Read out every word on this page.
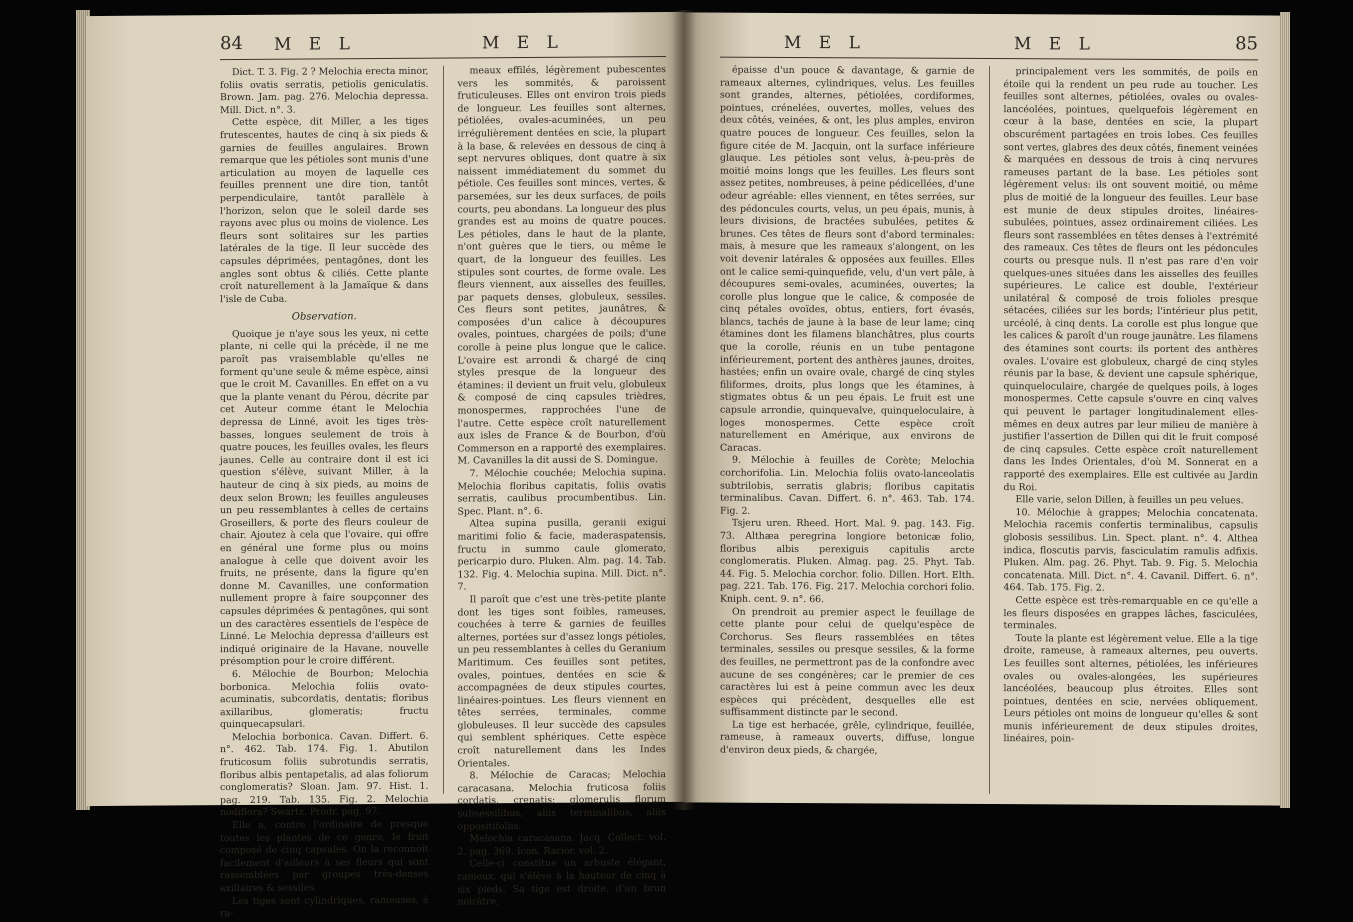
84 M E L	M E L

Dict. T. 3. Fig. 2 ? Melochia erecta minor, foliis ovatis serratis, petiolis geniculatis. Brown. Jam. pag. 276. Melochia depressa. Mill. Dict. n°. 3.

Cette espèce, dit Miller, a les tiges frutescentes, hautes de cinq à six pieds & garnies de feuilles angulaires. Brown remarque que les pétioles sont munis d'une articulation au moyen de laquelle ces feuilles prennent une dire tion, tantôt perpendiculaire, tantôt parallèle à l'horizon, selon que le soleil darde ses rayons avec plus ou moins de violence. Les fleurs sont solitaires sur les parties latérales de la tige. Il leur succède des capsules déprimées, pentagônes, dont les angles sont obtus & ciliés. Cette plante croît naturellement à la Jamaïque & dans l'isle de Cuba.

Observation.

Quoique je n'aye sous les yeux, ni cette plante, ni celle qui la précède, il ne me paroît pas vraisemblable qu'elles ne forment qu'une seule & même espèce, ainsi que le croit M. Cavanilles. En effet on a vu que la plante venant du Pérou, décrite par cet Auteur comme étant le Melochia depressa de Linné, avoit les tiges très-basses, longues seulement de trois à quatre pouces, les feuilles ovales, les fleurs jaunes. Celle au contraire dont il est ici question s'élève, suivant Miller, à la hauteur de cinq à six pieds, au moins de deux selon Brown; les feuilles anguleuses un peu ressemblantes à celles de certains Groseillers, & porte des fleurs couleur de chair. Ajoutez à cela que l'ovaire, qui offre en général une forme plus ou moins analogue à celle que doivent avoir les fruits, ne présente, dans la figure qu'en donne M. Cavanilles, une conformation nullement propre à faire soupçonner des capsules déprimées & pentagônes, qui sont un des caractères essentiels de l'espèce de Linné. Le Melochia depressa d'ailleurs est indiqué originaire de la Havane, nouvelle présomption pour le croire différent.

6. Mélochie de Bourbon; Melochia borbonica. Melochia foliis ovato-acuminatis, subcordatis, dentatis; floribus axillaribus, glomeratis; fructu quinquecapsulari.

Melochia borbonica. Cavan. Differt. 6. n°. 462. Tab. 174. Fig. 1. Abutilon fruticosum foliis subrotundis serratis, floribus albis pentapetalis, ad alas foliorum conglomeratis? Sloan. Jam. 97. Hist. 1. pag. 219. Tab. 135. Fig. 2. Melochia nodiflora? Swartz. Prodr. pag. 97.

Elle a, contre l'ordinaire de presque toutes les plantes de ce genre, le fruit composé de cinq capsules. On la reconnoît facilement d'ailleurs à ses fleurs qui sont rassemblées par groupes très-denses axillaires & sessiles.

Les tiges sont cylindriques, rameuses, à ra-

meaux effilés, légèrement pubescentes vers les sommités, & paroissent fruticuleuses. Elles ont environ trois pieds de longueur. Les feuilles sont alternes, pétiolées, ovales-acuminées, un peu irrégulièrement dentées en scie, la plupart à la base, & relevées en dessous de cinq à sept nervures obliques, dont quatre à six naissent immédiatement du sommet du pétiole. Ces feuilles sont minces, vertes, & parsemées, sur les deux surfaces, de poils courts, peu abondans. La longueur des plus grandes est au moins de quatre pouces. Les pétioles, dans le haut de la plante, n'ont guères que le tiers, ou même le quart, de la longueur des feuilles. Les stipules sont courtes, de forme ovale. Les fleurs viennent, aux aisselles des feuilles, par paquets denses, globuleux, sessiles. Ces fleurs sont petites, jaunâtres, & composées d'un calice à découpures ovales, pointues, chargées de poils; d'une corolle à peine plus longue que le calice. L'ovaire est arrondi & chargé de cinq styles presque de la longueur des étamines: il devient un fruit velu, globuleux & composé de cinq capsules trièdres, monospermes, rapprochées l'une de l'autre. Cette espèce croît naturellement aux isles de France & de Bourbon, d'où Commerson en a rapporté des exemplaires. M. Cavanilles la dit aussi de S. Domingue.

7. Mélochie couchée; Melochia supina. Melochia floribus capitatis, foliis ovatis serratis, caulibus procumbentibus. Lin. Spec. Plant. n°. 6.

Altea supina pusilla, geranii exigui maritimi folio & facie, maderaspatensis, fructu in summo caule glomerato, pericarpio duro. Pluken. Alm. pag. 14. Tab. 132. Fig. 4. Melochia supina. Mill. Dict. n°. 7.

Il paroît que c'est une très-petite plante dont les tiges sont foibles, rameuses, couchées à terre & garnies de feuilles alternes, portées sur d'assez longs pétioles, un peu ressemblantes à celles du Geranium Maritimum. Ces feuilles sont petites, ovales, pointues, dentées en scie & accompagnées de deux stipules courtes, linéaires-pointues. Les fleurs viennent en têtes serrées, terminales, comme globuleuses. Il leur succède des capsules qui semblent sphériques. Cette espèce croît naturellement dans les Indes Orientales.

8. Mélochie de Caracas; Melochia caracasana. Melochia fruticosa foliis cordatis, crenatis; glomerulis florum subsessilibus, aliis terminalibus, aliis oppositifoliis.

Melochia caracasana. Jacq. Collect. vol. 2. pag. 369. Icon. Rarior. vol. 2.

Celle-ci constitue un arbuste élégant, rameux, qui s'élève à la hauteur de cinq à six pieds. Sa tige est droite, d'un brun noirâtre,

M E L	M E L	85

épaisse d'un pouce & davantage, & garnie de rameaux alternes, cylindriques, velus. Les feuilles sont grandes, alternes, pétiolées, cordiformes, pointues, crénelées, ouvertes, molles, velues des deux côtés, veinées, & ont, les plus amples, environ quatre pouces de longueur. Ces feuilles, selon la figure citée de M. Jacquin, ont la surface inférieure glauque. Les pétioles sont velus, à-peu-près de moitié moins longs que les feuilles. Les fleurs sont assez petites, nombreuses, à peine pédicellées, d'une odeur agréable: elles viennent, en têtes serrées, sur des pédoncules courts, velus, un peu épais, munis, à leurs divisions, de bractées subulées, petites & brunes. Ces têtes de fleurs sont d'abord terminales: mais, à mesure que les rameaux s'alongent, on les voit devenir latérales & opposées aux feuilles. Elles ont le calice semi-quinquefide, velu, d'un vert pâle, à découpures semi-ovales, acuminées, ouvertes; la corolle plus longue que le calice, & composée de cinq pétales ovoïdes, obtus, entiers, fort évasés, blancs, tachés de jaune à la base de leur lame; cinq étamines dont les filamens blanchâtres, plus courts que la corolle, réunis en un tube pentagone inférieurement, portent des anthères jaunes, droites, hastées; enfin un ovaire ovale, chargé de cinq styles filiformes, droits, plus longs que les étamines, à stigmates obtus & un peu épais. Le fruit est une capsule arrondie, quinquevalve, quinqueloculaire, à loges monospermes. Cette espèce croît naturellement en Amérique, aux environs de Caracas.

9. Mélochie à feuilles de Corète; Melochia corchorifolia. Lin. Melochia foliis ovato-lanceolatis subtrilobis, serratis glabris; floribus capitatis terminalibus. Cavan. Differt. 6. n°. 463. Tab. 174. Fig. 2.

Tsjeru uren. Rheed. Hort. Mal. 9. pag. 143. Fig. 73. Althæa peregrina longiore betonicæ folio, floribus albis perexiguis capitulis arcte conglomeratis. Pluken. Almag. pag. 25. Phyt. Tab. 44. Fig. 5. Melochia corchor. folio. Dillen. Hort. Elth. pag. 221. Tab. 176. Fig. 217. Melochia corchori folio. Kniph. cent. 9. n°. 66.

On prendroit au premier aspect le feuillage de cette plante pour celui de quelqu'espèce de Corchorus. Ses fleurs rassemblées en têtes terminales, sessiles ou presque sessiles, & la forme des feuilles, ne permettront pas de la confondre avec aucune de ses congénères; car le premier de ces caractères lui est à peine commun avec les deux espèces qui précèdent, desquelles elle est suffisamment distincte par le second.

La tige est herbacée, grêle, cylindrique, feuillée, rameuse, à rameaux ouverts, diffuse, longue d'environ deux pieds, & chargée,

principalement vers les sommités, de poils en étoile qui la rendent un peu rude au toucher. Les feuilles sont alternes, pétiolées, ovales ou ovales-lancéolées, pointues, quelquefois légèrement en cœur à la base, dentées en scie, la plupart obscurément partagées en trois lobes. Ces feuilles sont vertes, glabres des deux côtés, finement veinées & marquées en dessous de trois à cinq nervures rameuses partant de la base. Les pétioles sont légèrement velus: ils ont souvent moitié, ou même plus de moitié de la longueur des feuilles. Leur base est munie de deux stipules droites, linéaires-subulées, pointues, assez ordinairement ciliées. Les fleurs sont rassemblées en têtes denses à l'extrémité des rameaux. Ces têtes de fleurs ont les pédoncules courts ou presque nuls. Il n'est pas rare d'en voir quelques-unes situées dans les aisselles des feuilles supérieures. Le calice est double, l'extérieur unilatéral & composé de trois folioles presque sétacées, ciliées sur les bords; l'intérieur plus petit, urcéolé, à cinq dents. La corolle est plus longue que les calices & paroît d'un rouge jaunâtre. Les filamens des étamines sont courts: ils portent des anthères ovales. L'ovaire est globuleux, chargé de cinq styles réunis par la base, & devient une capsule sphérique, quinqueloculaire, chargée de quelques poils, à loges monospermes. Cette capsule s'ouvre en cinq valves qui peuvent le partager longitudinalement elles-mêmes en deux autres par leur milieu de manière à justifier l'assertion de Dillen qui dit le fruit composé de cinq capsules. Cette espèce croît naturellement dans les Indes Orientales, d'où M. Sonnerat en a rapporté des exemplaires. Elle est cultivée au Jardin du Roi.

Elle varie, selon Dillen, à feuilles un peu velues.

10. Mélochie à grappes; Melochia concatenata. Melochia racemis confertis terminalibus, capsulis globosis sessilibus. Lin. Spect. plant. n°. 4. Althea indica, floscutis parvis, fasciculatim ramulis adfixis. Pluken. Alm. pag. 26. Phyt. Tab. 9. Fig. 5. Melochia concatenata. Mill. Dict. n°. 4. Cavanil. Differt. 6. n°. 464. Tab. 175. Fig. 2.

Cette espèce est très-remarquable en ce qu'elle a les fleurs disposées en grappes lâches, fasciculées, terminales.

Toute la plante est légèrement velue. Elle a la tige droite, rameuse, à rameaux alternes, peu ouverts. Les feuilles sont alternes, pétiolées, les inférieures ovales ou ovales-alongées, les supérieures lancéolées, beaucoup plus étroites. Elles sont pointues, dentées en scie, nervées obliquement. Leurs pétioles ont moins de longueur qu'elles & sont munis inférieurement de deux stipules droites, linéaires, poin-
